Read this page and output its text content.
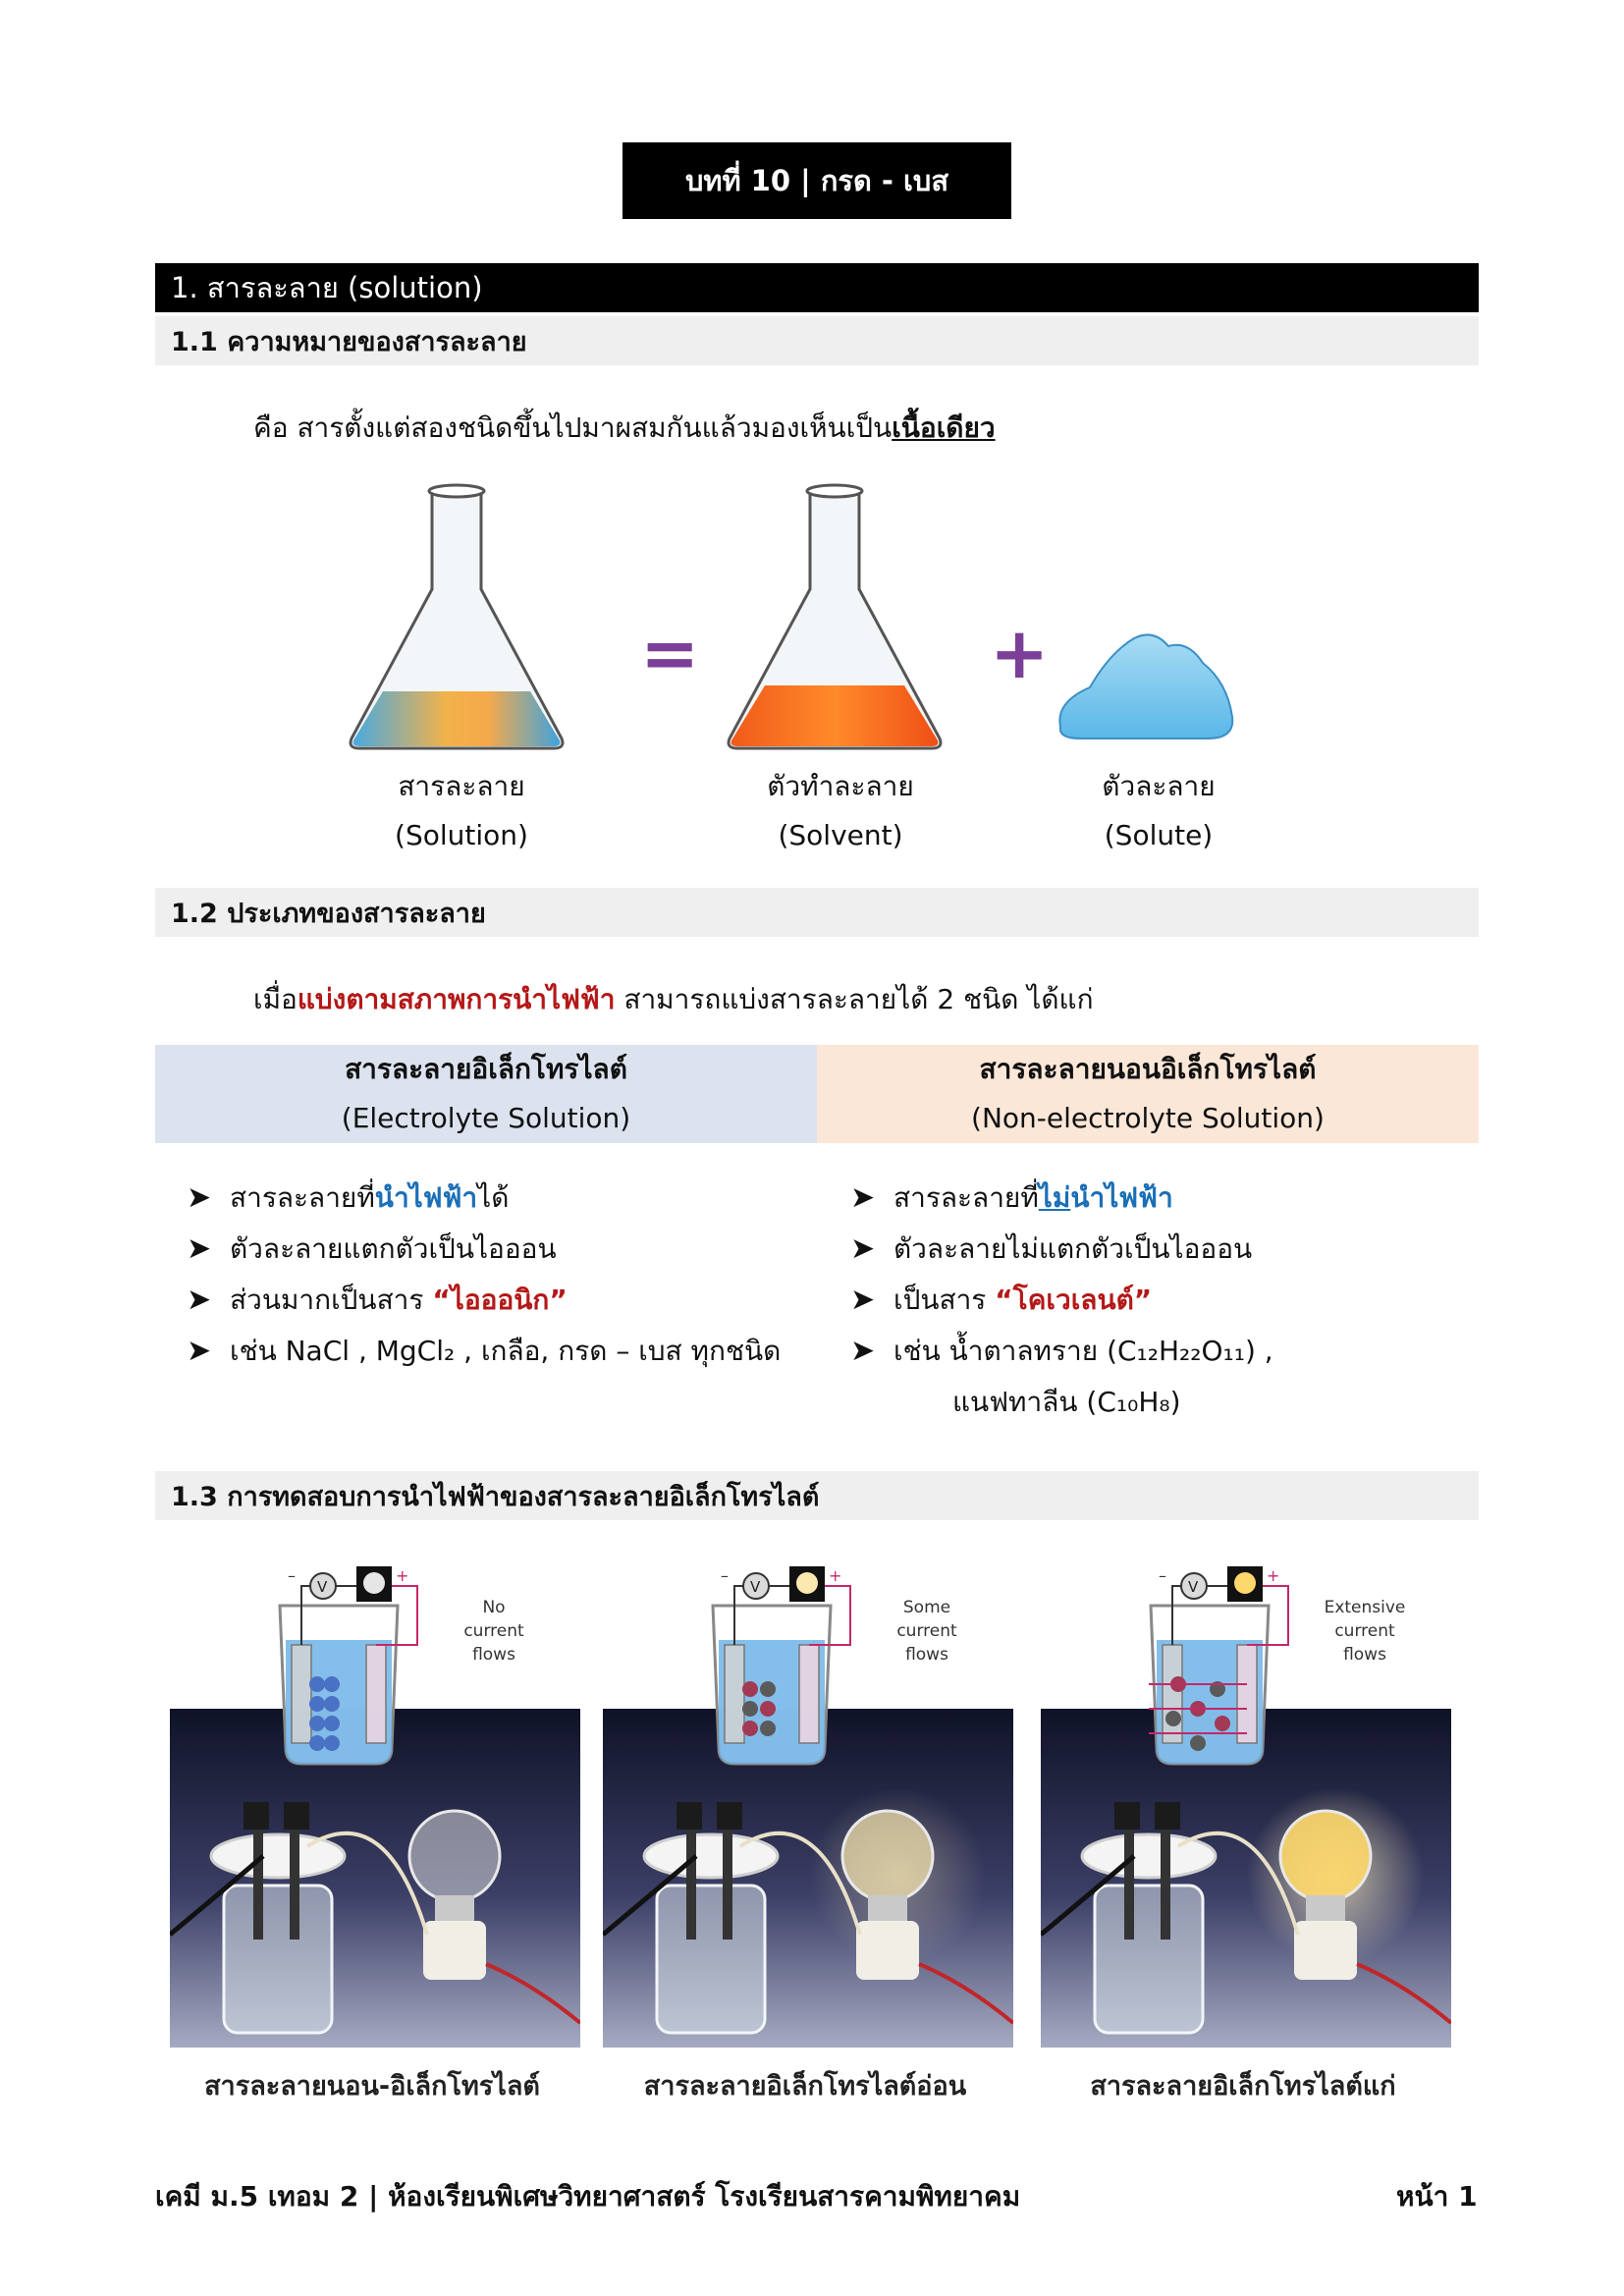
บทที่ 10 | กรด - เบส
1. สารละลาย (solution)
1.1 ความหมายของสารละลาย
คือ สารตั้งแต่สองชนิดขึ้นไปมาผสมกันแล้วมองเห็นเป็นเนื้อเดียว
=	+
สารละลาย
(Solution)
ตัวทำละลาย
(Solvent)
ตัวละลาย
(Solute)
1.2 ประเภทของสารละลาย
เมื่อแบ่งตามสภาพการนำไฟฟ้า สามารถแบ่งสารละลายได้ 2 ชนิด ได้แก่
สารละลายอิเล็กโทรไลต์
(Electrolyte Solution)
สารละลายนอนอิเล็กโทรไลต์
(Non-electrolyte Solution)
➤ สารละลายที่นำไฟฟ้าได้
➤ ตัวละลายแตกตัวเป็นไอออน
➤ ส่วนมากเป็นสาร “ไอออนิก”
➤ เช่น NaCl , MgCl₂ , เกลือ, กรด – เบส ทุกชนิด
➤ สารละลายที่ไม่นำไฟฟ้า
➤ ตัวละลายไม่แตกตัวเป็นไอออน
➤ เป็นสาร “โคเวเลนต์”
➤ เช่น น้ำตาลทราย (C₁₂H₂₂O₁₁) ,
แนฟทาลีน (C₁₀H₈)
1.3 การทดสอบการนำไฟฟ้าของสารละลายอิเล็กโทรไลต์
V
+
–
No
current
flows
สารละลายนอน-อิเล็กโทรไลต์
V
+
–
Some
current
flows
สารละลายอิเล็กโทรไลต์อ่อน
V
+
–
Extensive
current
flows
สารละลายอิเล็กโทรไลต์แก่
เคมี ม.5 เทอม 2 | ห้องเรียนพิเศษวิทยาศาสตร์ โรงเรียนสารคามพิทยาคม	หน้า 1
